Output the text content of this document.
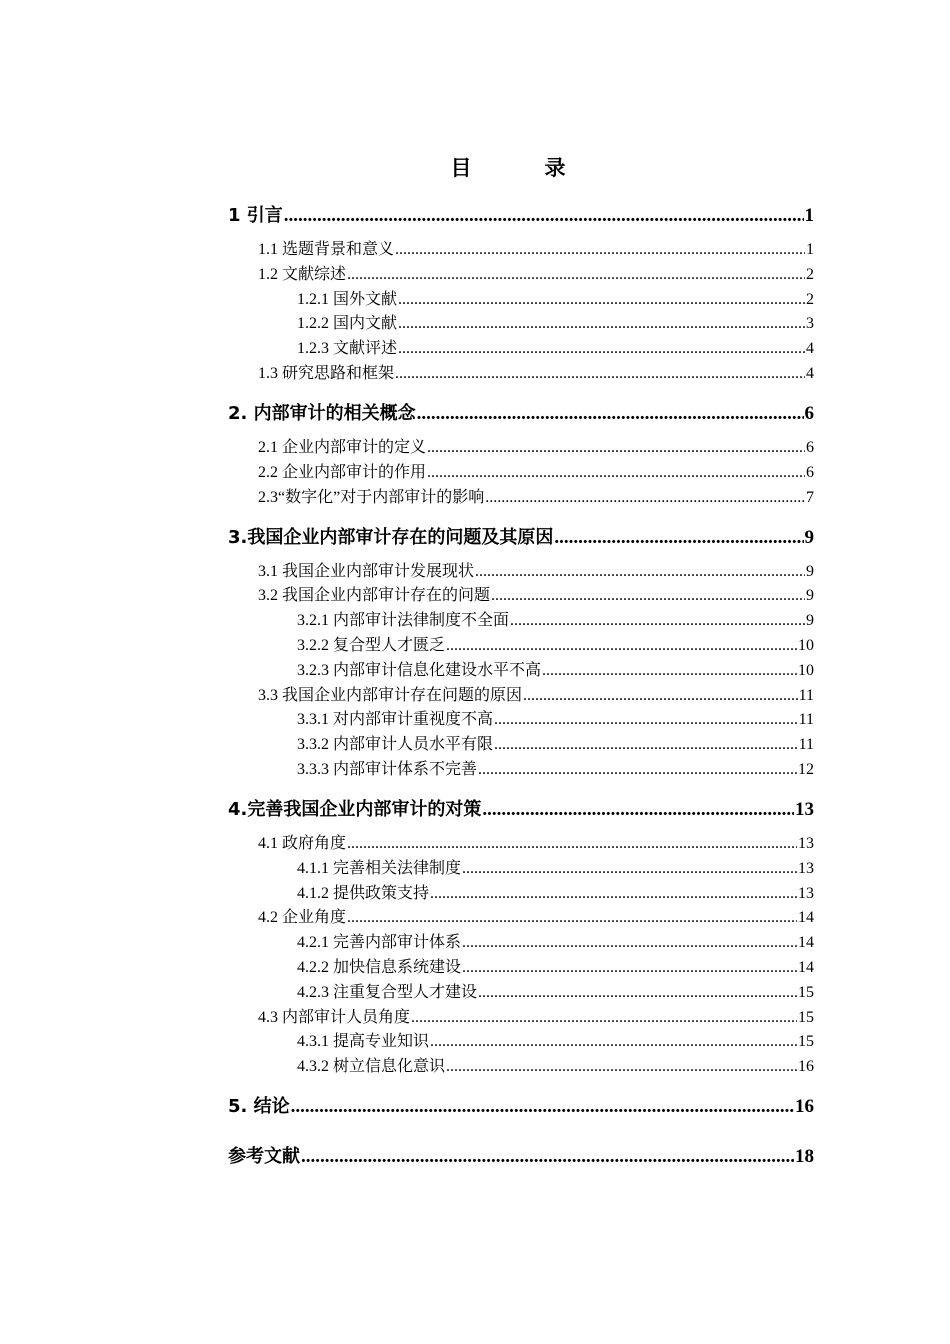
目　录
1 引言 .....	1
1.1 选题背景和意义 .....	1
1.2 文献综述 .....	2
1.2.1 国外文献 .....	2
1.2.2 国内文献 .....	3
1.2.3 文献评述 .....	4
1.3 研究思路和框架 .....	4
2. 内部审计的相关概念 .....	6
2.1 企业内部审计的定义 .....	6
2.2 企业内部审计的作用 .....	6
2.3“数字化”对于内部审计的影响 .....	7
3.我国企业内部审计存在的问题及其原因 .....	9
3.1 我国企业内部审计发展现状 .....	9
3.2 我国企业内部审计存在的问题 .....	9
3.2.1 内部审计法律制度不全面 .....	9
3.2.2 复合型人才匮乏 .....	10
3.2.3 内部审计信息化建设水平不高 .....	10
3.3 我国企业内部审计存在问题的原因 .....	11
3.3.1 对内部审计重视度不高 .....	11
3.3.2 内部审计人员水平有限 .....	11
3.3.3 内部审计体系不完善 .....	12
4.完善我国企业内部审计的对策 .....	13
4.1 政府角度 .....	13
4.1.1 完善相关法律制度 .....	13
4.1.2 提供政策支持 .....	13
4.2 企业角度 .....	14
4.2.1 完善内部审计体系 .....	14
4.2.2 加快信息系统建设 .....	14
4.2.3 注重复合型人才建设 .....	15
4.3 内部审计人员角度 .....	15
4.3.1 提高专业知识 .....	15
4.3.2 树立信息化意识 .....	16
5. 结论 .....	16
参考文献 .....	18
